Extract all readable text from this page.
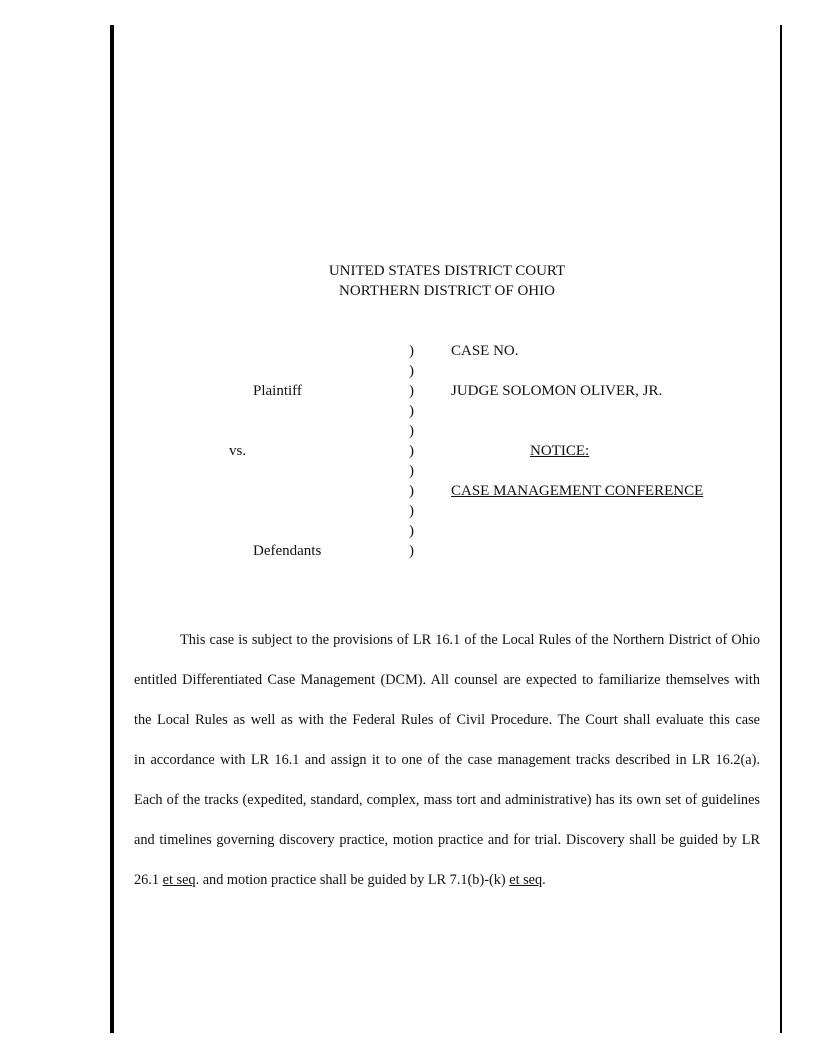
UNITED STATES DISTRICT COURT
NORTHERN DISTRICT OF OHIO
Plaintiff
vs.
Defendants
)
)
)
)
)
)
)
)
)
)
)
CASE NO.
JUDGE SOLOMON OLIVER, JR.
NOTICE:
CASE MANAGEMENT CONFERENCE
This case is subject to the provisions of LR 16.1 of the Local Rules of the Northern District of Ohio
entitled Differentiated Case Management (DCM). All counsel are expected to familiarize themselves with
the Local Rules as well as with the Federal Rules of Civil Procedure. The Court shall evaluate this case
in accordance with LR 16.1 and assign it to one of the case management tracks described in LR 16.2(a).
Each of the tracks (expedited, standard, complex, mass tort and administrative) has its own set of guidelines
and timelines governing discovery practice, motion practice and for trial. Discovery shall be guided by LR
26.1 et seq. and motion practice shall be guided by LR 7.1(b)-(k) et seq.
